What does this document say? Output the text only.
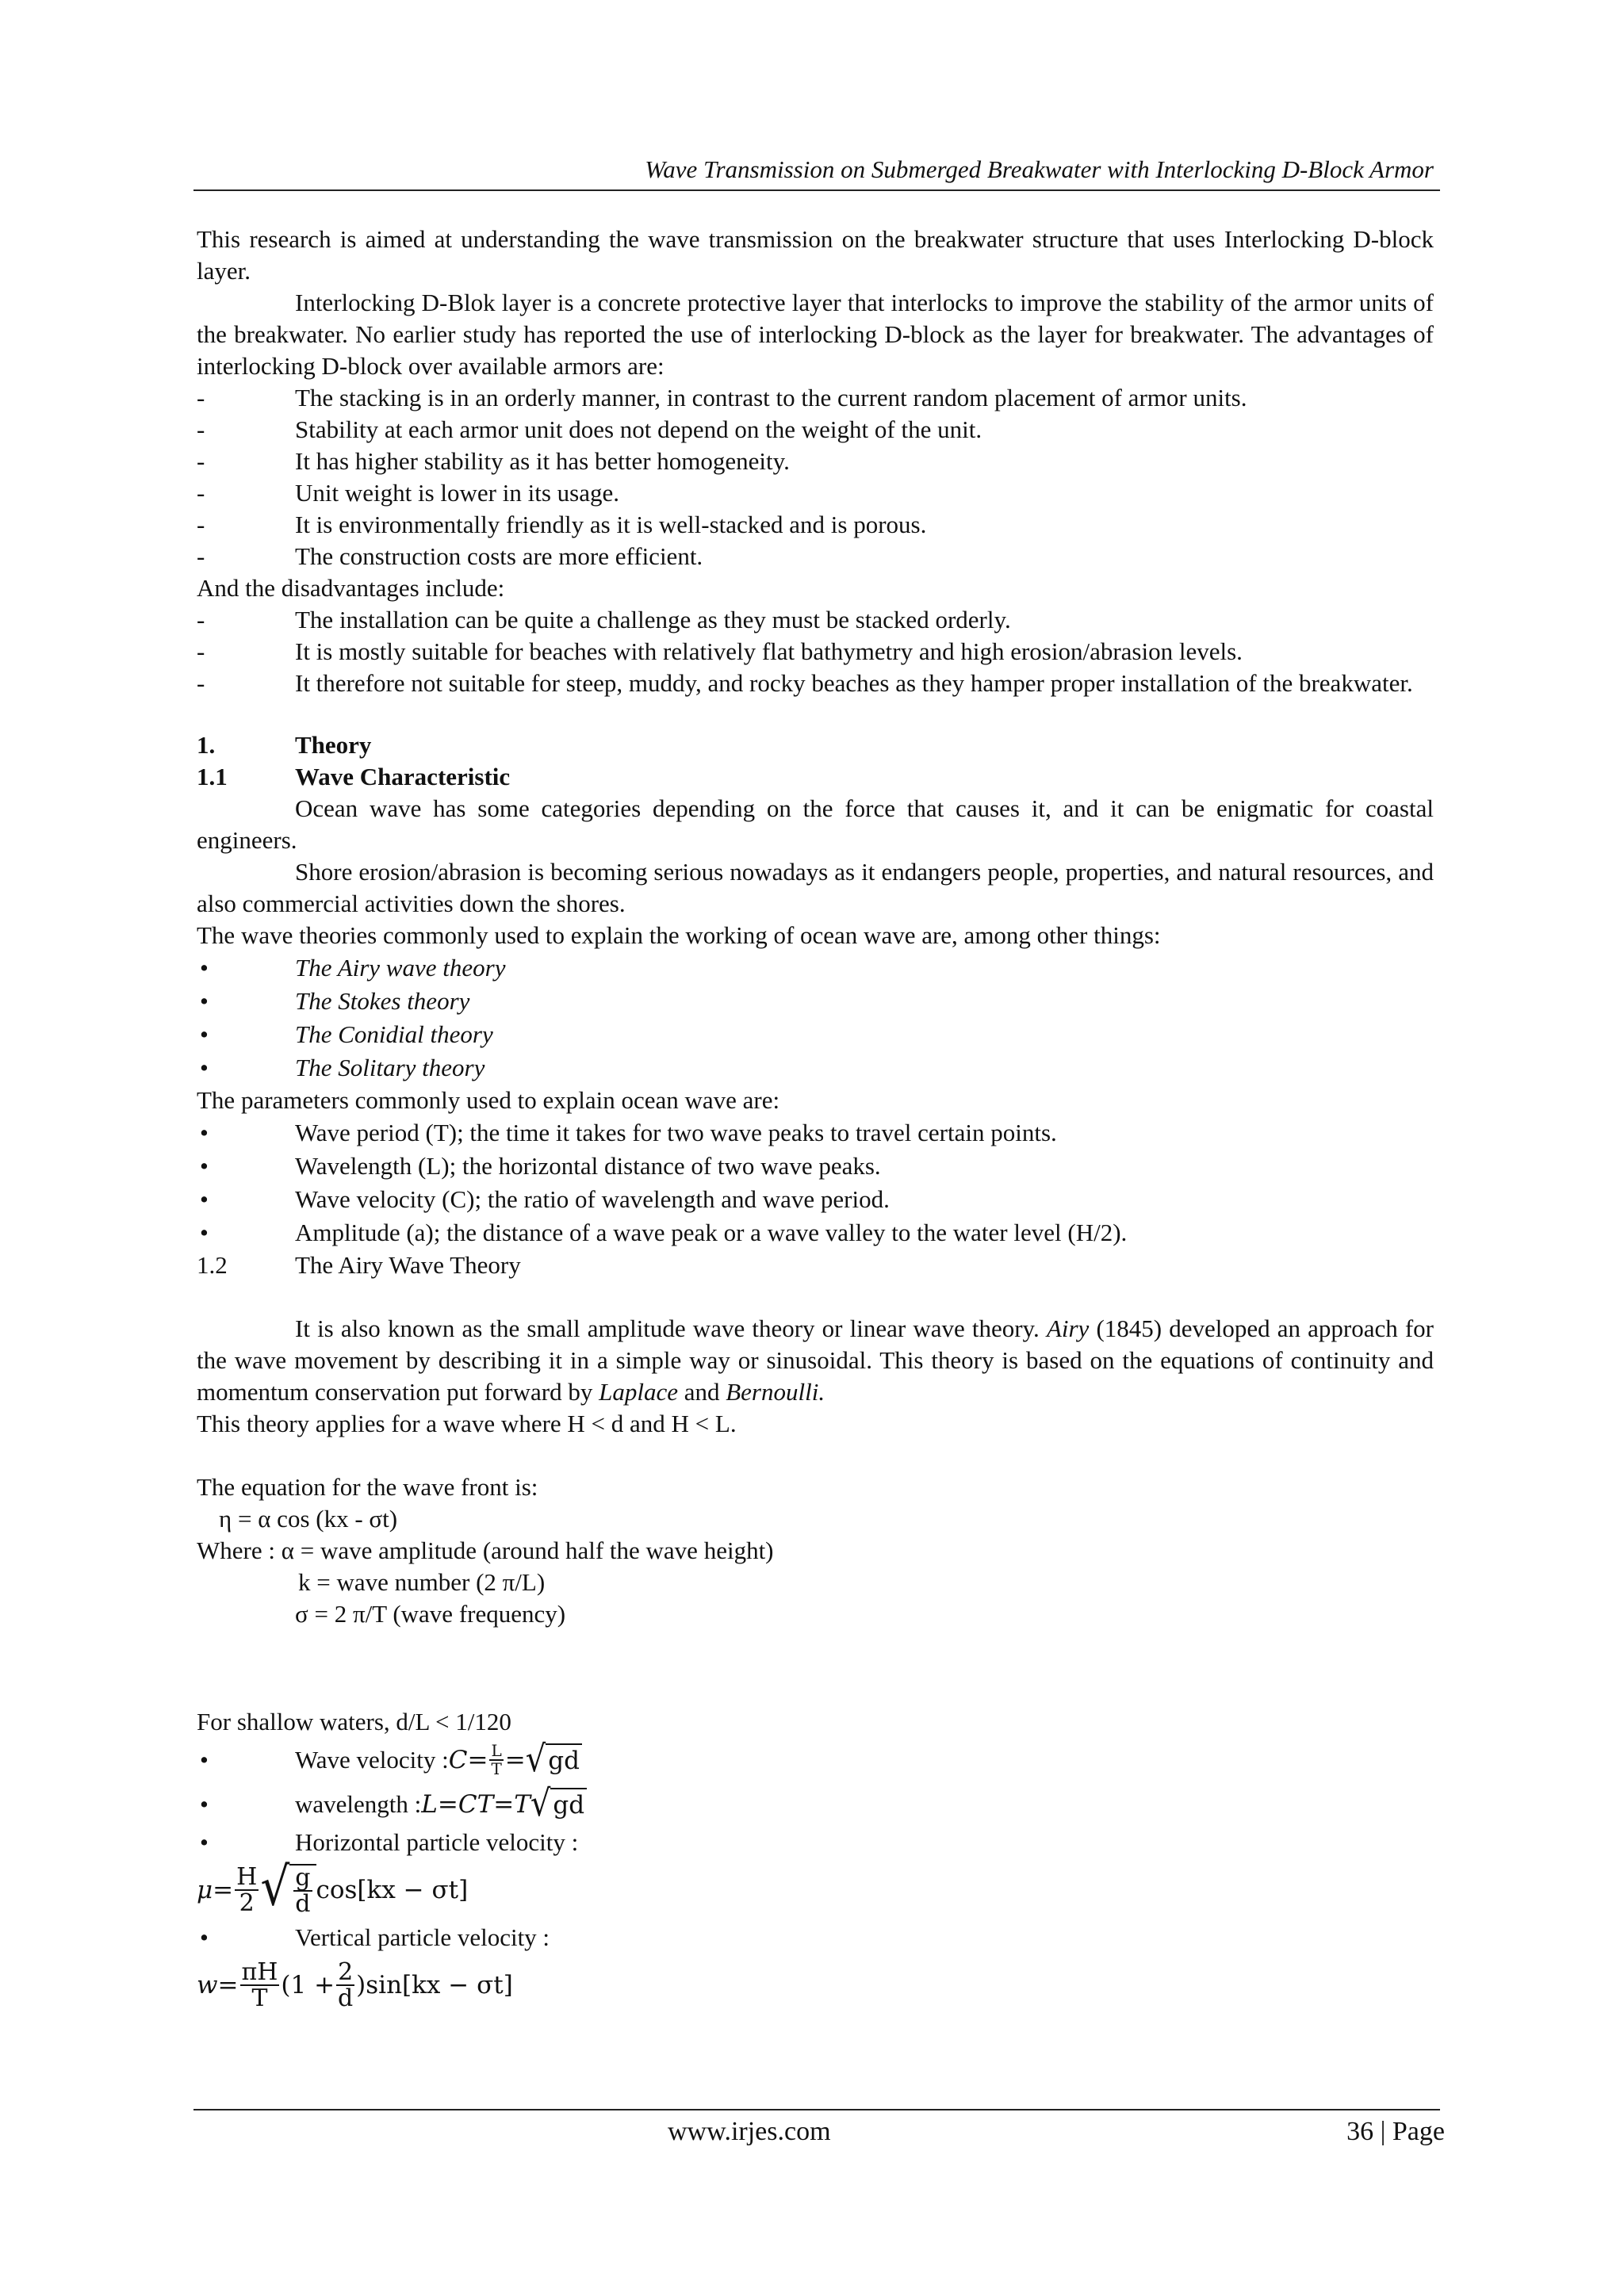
Wave Transmission on Submerged Breakwater with Interlocking D-Block Armor

This research is aimed at understanding the wave transmission on the breakwater structure that uses Interlocking D-block layer.

Interlocking D-Blok layer is a concrete protective layer that interlocks to improve the stability of the armor units of the breakwater. No earlier study has reported the use of interlocking D-block as the layer for breakwater. The advantages of interlocking D-block over available armors are:

-	The stacking is in an orderly manner, in contrast to the current random placement of armor units.
-	Stability at each armor unit does not depend on the weight of the unit.
-	It has higher stability as it has better homogeneity.
-	Unit weight is lower in its usage.
-	It is environmentally friendly as it is well-stacked and is porous.
-	The construction costs are more efficient.

And the disadvantages include:

-	The installation can be quite a challenge as they must be stacked orderly.
-	It is mostly suitable for beaches with relatively flat bathymetry and high erosion/abrasion levels.

-	It therefore not suitable for steep, muddy, and rocky beaches as they hamper proper installation of the breakwater.

1.	Theory
1.1	Wave Characteristic

Ocean wave has some categories depending on the force that causes it, and it can be enigmatic for coastal engineers.

Shore erosion/abrasion is becoming serious nowadays as it endangers people, properties, and natural resources, and also commercial activities down the shores.

The wave theories commonly used to explain the working of ocean wave are, among other things:

•	The Airy wave theory
•	The Stokes theory
•	The Conidial theory
•	The Solitary theory

The parameters commonly used to explain ocean wave are:

•	Wave period (T); the time it takes for two wave peaks to travel certain points.
•	Wavelength (L); the horizontal distance of two wave peaks.
•	Wave velocity (C); the ratio of wavelength and wave period.
•	Amplitude (a); the distance of a wave peak or a wave valley to the water level (H/2).
1.2	The Airy Wave Theory

It is also known as the small amplitude wave theory or linear wave theory. Airy (1845) developed an approach for the wave movement by describing it in a simple way or sinusoidal. This theory is based on the equations of continuity and momentum conservation put forward by Laplace and Bernoulli.

This theory applies for a wave where H < d and H < L.

The equation for the wave front is:

η = α cos (kx - σt)

Where : α = wave amplitude (around half the wave height)

k = wave number (2 π/L)

σ = 2 π/T (wave frequency)

For shallow waters, d/L < 1/120

•	Wave velocity : $C = \frac{L}{T}$ = √ gd
•	wavelength : L = CT = T √ gd
•	Horizontal particle velocity :
$\mu = \frac{H}{2}$ √ $\frac{g}{d} \cos[kx - \sigma t]$
•	Vertical particle velocity :
$w = \frac{\pi H}{T} (1 + \frac{2}{d} )\sin[kx - \sigma t]$
www.irjes.com	36 | Page
